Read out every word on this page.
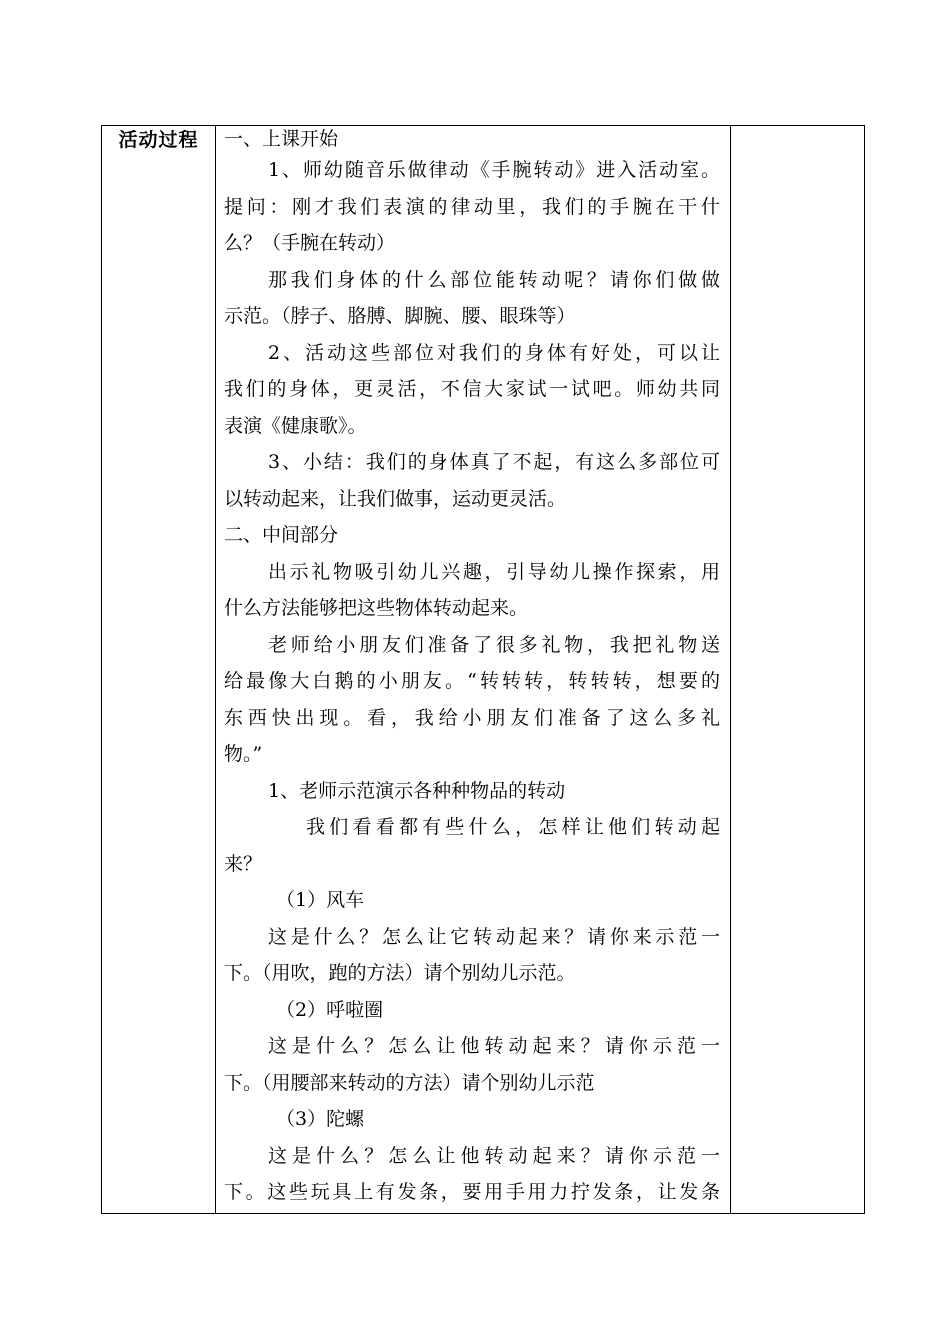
活动过程	一、上课开始
1、师幼随音乐做律动《手腕转动》进入活动室。
提问：刚才我们表演的律动里，我们的手腕在干什
么？（手腕在转动）
那我们身体的什么部位能转动呢？请你们做做
示范。（脖子、胳膊、脚腕、腰、眼珠等）
2、活动这些部位对我们的身体有好处，可以让
我们的身体，更灵活，不信大家试一试吧。师幼共同
表演《健康歌》。
3、小结：我们的身体真了不起，有这么多部位可
以转动起来，让我们做事，运动更灵活。
二、中间部分
出示礼物吸引幼儿兴趣，引导幼儿操作探索，用
什么方法能够把这些物体转动起来。
老师给小朋友们准备了很多礼物，我把礼物送
给最像大白鹅的小朋友。“转转转，转转转，想要的
东西快出现。看，我给小朋友们准备了这么多礼
物。”
1、老师示范演示各种种物品的转动
我们看看都有些什么，怎样让他们转动起
来？
（1）风车
这是什么？怎么让它转动起来？请你来示范一
下。（用吹，跑的方法）请个别幼儿示范。
（2）呼啦圈
这是什么？怎么让他转动起来？请你示范一
下。（用腰部来转动的方法）请个别幼儿示范
（3）陀螺
这是什么？怎么让他转动起来？请你示范一
下。这些玩具上有发条，要用手用力拧发条，让发条
